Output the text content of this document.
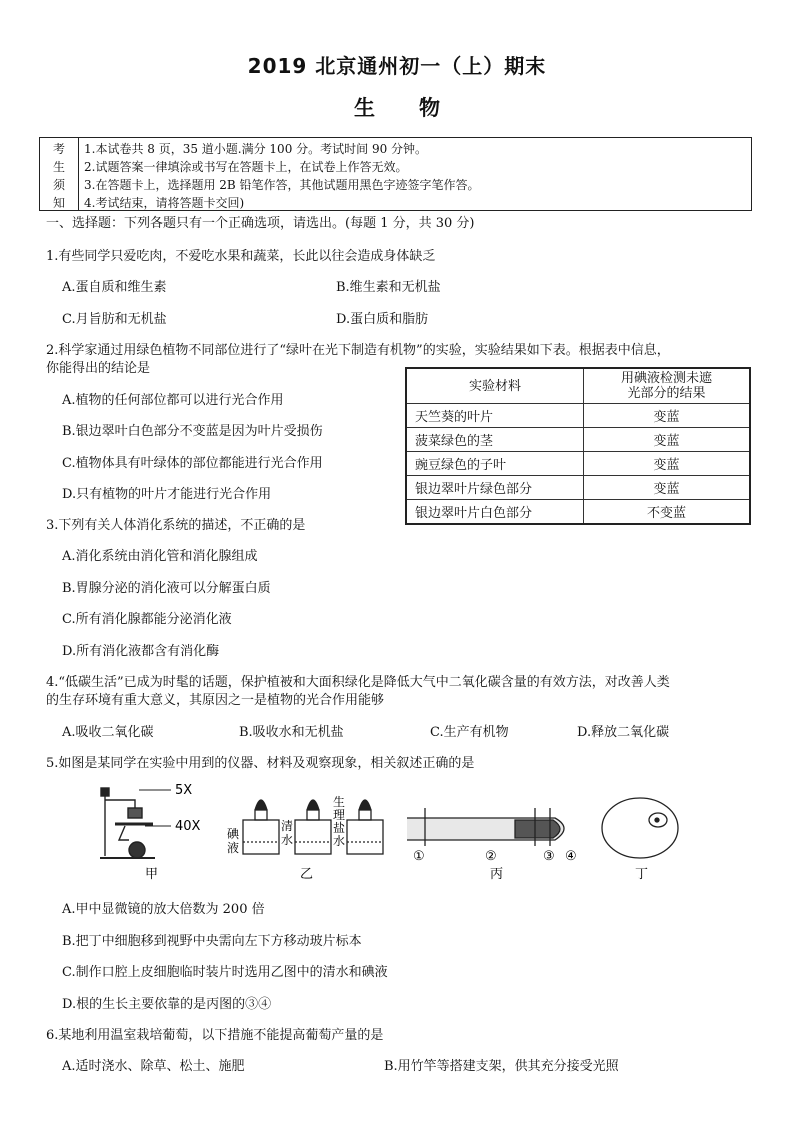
2019 北京通州初一（上）期末
生物
考
生
须
知
1.本试卷共 8 页，35 道小题.满分 100 分。考试时间 90 分钟。
2.试题答案一律填涂或书写在答题卡上，在试卷上作答无效。
3.在答题卡上，选择题用 2B 铅笔作答，其他试题用黑色字迹签字笔作答。
4.考试结束，请将答题卡交回)
一、选择题：下列各题只有一个正确选项，请选出。(每题 1 分，共 30 分)
1.有些同学只爱吃肉，不爱吃水果和蔬菜，长此以往会造成身体缺乏
A.蛋自质和维生素	B.维生素和无机盐
C.月旨肪和无机盐	D.蛋白质和脂肪
2.科学家通过用绿色植物不同部位进行了“绿叶在光下制造有机物”的实验，实验结果如下表。根据表中信息，
你能得出的结论是
A.植物的任何部位都可以进行光合作用
B.银边翠叶白色部分不变蓝是因为叶片受损伤
C.植物体具有叶绿体的部位都能进行光合作用
D.只有植物的叶片才能进行光合作用
实验材料	用碘液检测未遮
光部分的结果

天竺葵的叶片	变蓝
菠菜绿色的茎	变蓝
豌豆绿色的子叶	变蓝
银边翠叶片绿色部分	变蓝
银边翠叶片白色部分	不变蓝
3.下列有关人体消化系统的描述，不正确的是
A.消化系统由消化管和消化腺组成
B.胃腺分泌的消化液可以分解蛋白质
C.所有消化腺都能分泌消化液
D.所有消化液都含有消化酶
4.“低碳生活”已成为时髦的话题，保护植被和大面积绿化是降低大气中二氧化碳含量的有效方法，对改善人类
的生存环境有重大意义，其原因之一是植物的光合作用能够
A.吸收二氧化碳	B.吸收水和无机盐	C.生产有机物	D.释放二氧化碳
5.如图是某同学在实验中用到的仪器、材料及观察现象，相关叙述正确的是
5X
40X
甲
碘液
清水
生理盐水
乙
①	②	③ ④
丙	丁
A.甲中显微镜的放大倍数为 200 倍
B.把丁中细胞移到视野中央需向左下方移动玻片标本
C.制作口腔上皮细胞临时装片时选用乙图中的清水和碘液
D.根的生长主要依靠的是丙图的③④
6.某地利用温室栽培葡萄，以下措施不能提高葡萄产量的是
A.适时浇水、除草、松土、施肥	B.用竹竿等搭建支架，供其充分接受光照
